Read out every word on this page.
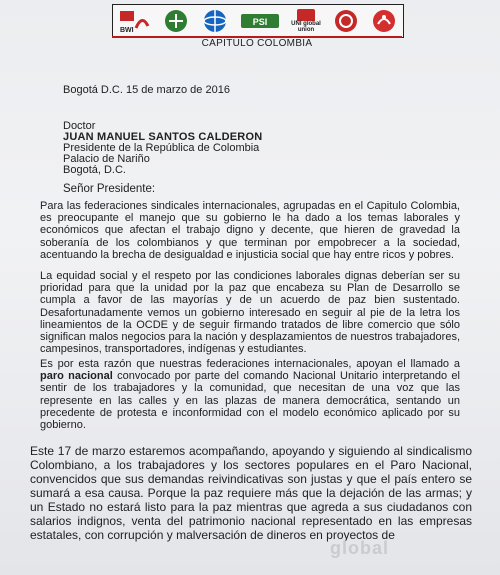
BWI
PSI	UNI global union
CAPITULO COLOMBIA
Bogotá D.C. 15 de marzo de 2016
Doctor
JUAN MANUEL SANTOS CALDERON
Presidente de la República de Colombia
Palacio de Nariño
Bogotá, D.C.
Señor Presidente:
Para las federaciones sindicales internacionales, agrupadas en el Capitulo Colombia, es preocupante el manejo que su gobierno le ha dado a los temas laborales y económicos que afectan el trabajo digno y decente, que hieren de gravedad la soberanía de los colombianos y que terminan por empobrecer a la sociedad, acentuando la brecha de desigualdad e injusticia social que hay entre ricos y pobres.
La equidad social y el respeto por las condiciones laborales dignas deberían ser su prioridad para que la unidad por la paz que encabeza su Plan de Desarrollo se cumpla a favor de las mayorías y de un acuerdo de paz bien sustentado. Desafortunadamente vemos un gobierno interesado en seguir al pie de la letra los lineamientos de la OCDE y de seguir firmando tratados de libre comercio que sólo significan malos negocios para la nación y desplazamientos de nuestros trabajadores, campesinos, transportadores, indígenas y estudiantes.
Es por esta razón que nuestras federaciones internacionales, apoyan el llamado a paro nacional convocado por parte del comando Nacional Unitario interpretando el sentir de los trabajadores y la comunidad, que necesitan de una voz que las represente en las calles y en las plazas de manera democrática, sentando un precedente de protesta e inconformidad con el modelo económico aplicado por su gobierno.
Este 17 de marzo estaremos acompañando, apoyando y siguiendo al sindicalismo Colombiano, a los trabajadores y los sectores populares en el Paro Nacional, convencidos que sus demandas reivindicativas son justas y que el país entero se sumará a esa causa. Porque la paz requiere más que la dejación de las armas; y un Estado no estará listo para la paz mientras que agreda a sus ciudadanos con salarios indignos, venta del patrimonio nacional representado en las empresas estatales, con corrupción y malversación de dineros en proyectos de
global
